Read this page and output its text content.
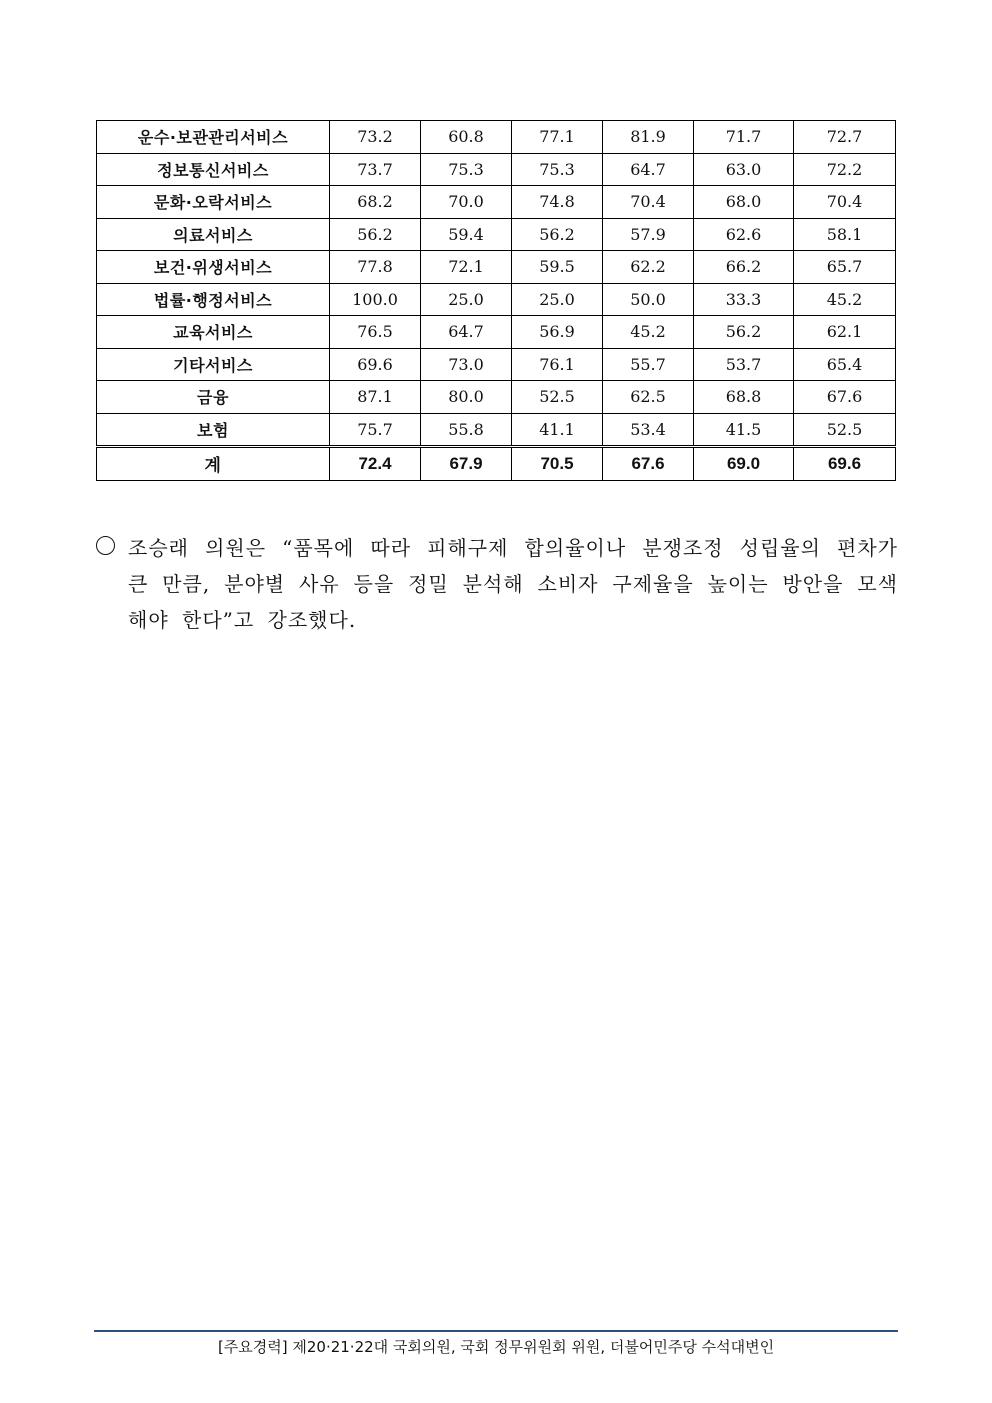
운수·보관관리서비스	73.2	60.8	77.1	81.9	71.7	72.7
정보통신서비스	73.7	75.3	75.3	64.7	63.0	72.2
문화·오락서비스	68.2	70.0	74.8	70.4	68.0	70.4
의료서비스	56.2	59.4	56.2	57.9	62.6	58.1
보건·위생서비스	77.8	72.1	59.5	62.2	66.2	65.7
법률·행정서비스	100.0	25.0	25.0	50.0	33.3	45.2
교육서비스	76.5	64.7	56.9	45.2	56.2	62.1
기타서비스	69.6	73.0	76.1	55.7	53.7	65.4
금융	87.1	80.0	52.5	62.5	68.8	67.6
보험	75.7	55.8	41.1	53.4	41.5	52.5
계	72.4	67.9	70.5	67.6	69.0	69.6
조승래 의원은 “품목에 따라 피해구제 합의율이나 분쟁조정 성립율의 편차가 큰 만큼, 분야별 사유 등을 정밀 분석해 소비자 구제율을 높이는 방안을 모색해야 한다”고 강조했다.
[주요경력] 제20·21·22대 국회의원, 국회 정무위원회 위원, 더불어민주당 수석대변인
